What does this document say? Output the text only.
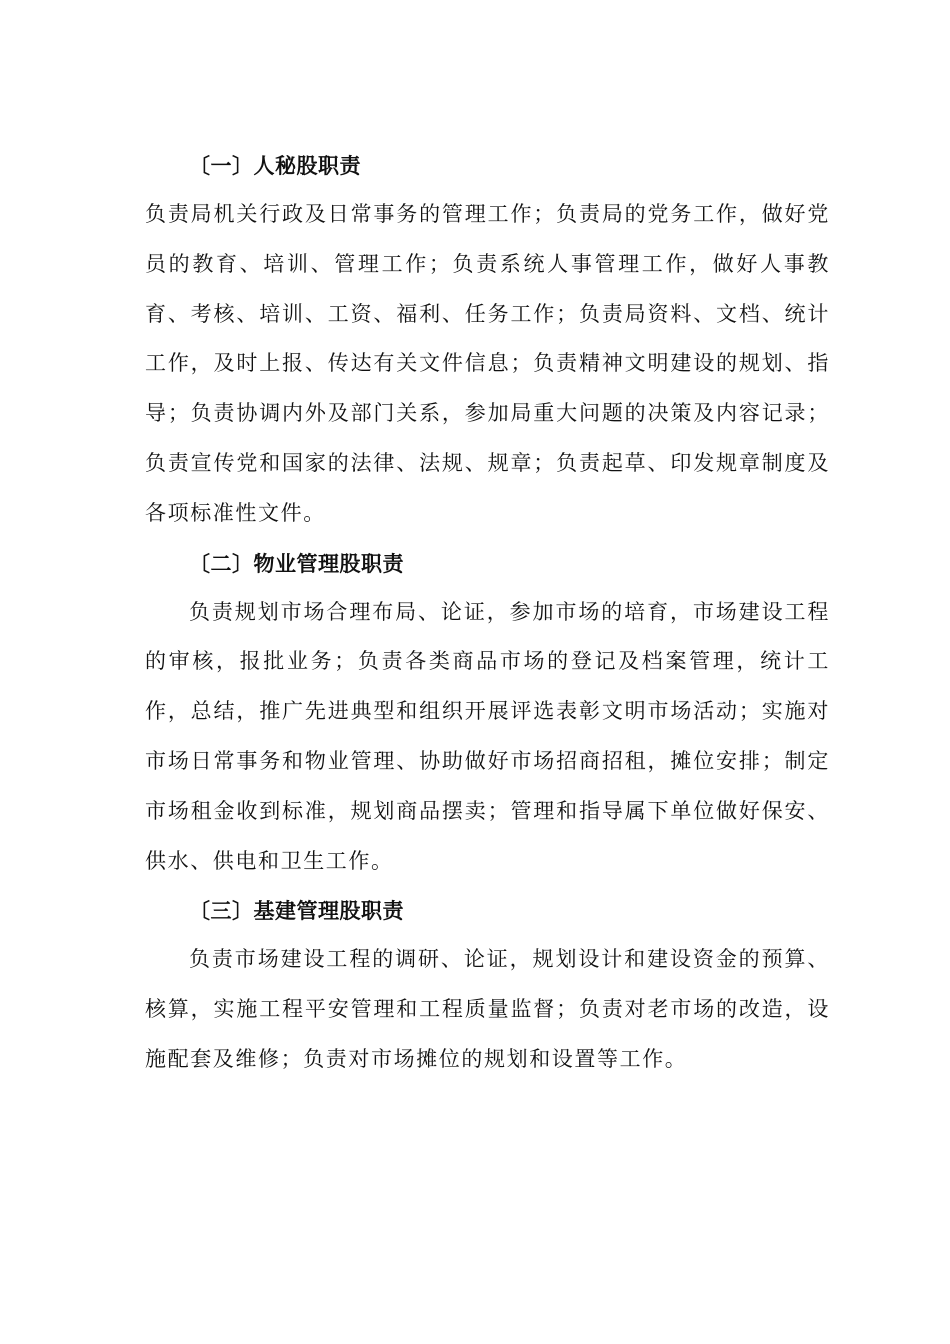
〔一〕人秘股职责

负责局机关行政及日常事务的管理工作；负责局的党务工作，做好党员的教育、培训、管理工作；负责系统人事管理工作，做好人事教育、考核、培训、工资、福利、任务工作；负责局资料、文档、统计工作，及时上报、传达有关文件信息；负责精神文明建设的规划、指导；负责协调内外及部门关系，参加局重大问题的决策及内容记录；负责宣传党和国家的法律、法规、规章；负责起草、印发规章制度及各项标准性文件。

〔二〕物业管理股职责

负责规划市场合理布局、论证，参加市场的培育，市场建设工程的审核，报批业务；负责各类商品市场的登记及档案管理，统计工作，总结，推广先进典型和组织开展评选表彰文明市场活动；实施对市场日常事务和物业管理、协助做好市场招商招租，摊位安排；制定市场租金收到标准，规划商品摆卖；管理和指导属下单位做好保安、供水、供电和卫生工作。

〔三〕基建管理股职责

负责市场建设工程的调研、论证，规划设计和建设资金的预算、核算，实施工程平安管理和工程质量监督；负责对老市场的改造，设施配套及维修；负责对市场摊位的规划和设置等工作。
